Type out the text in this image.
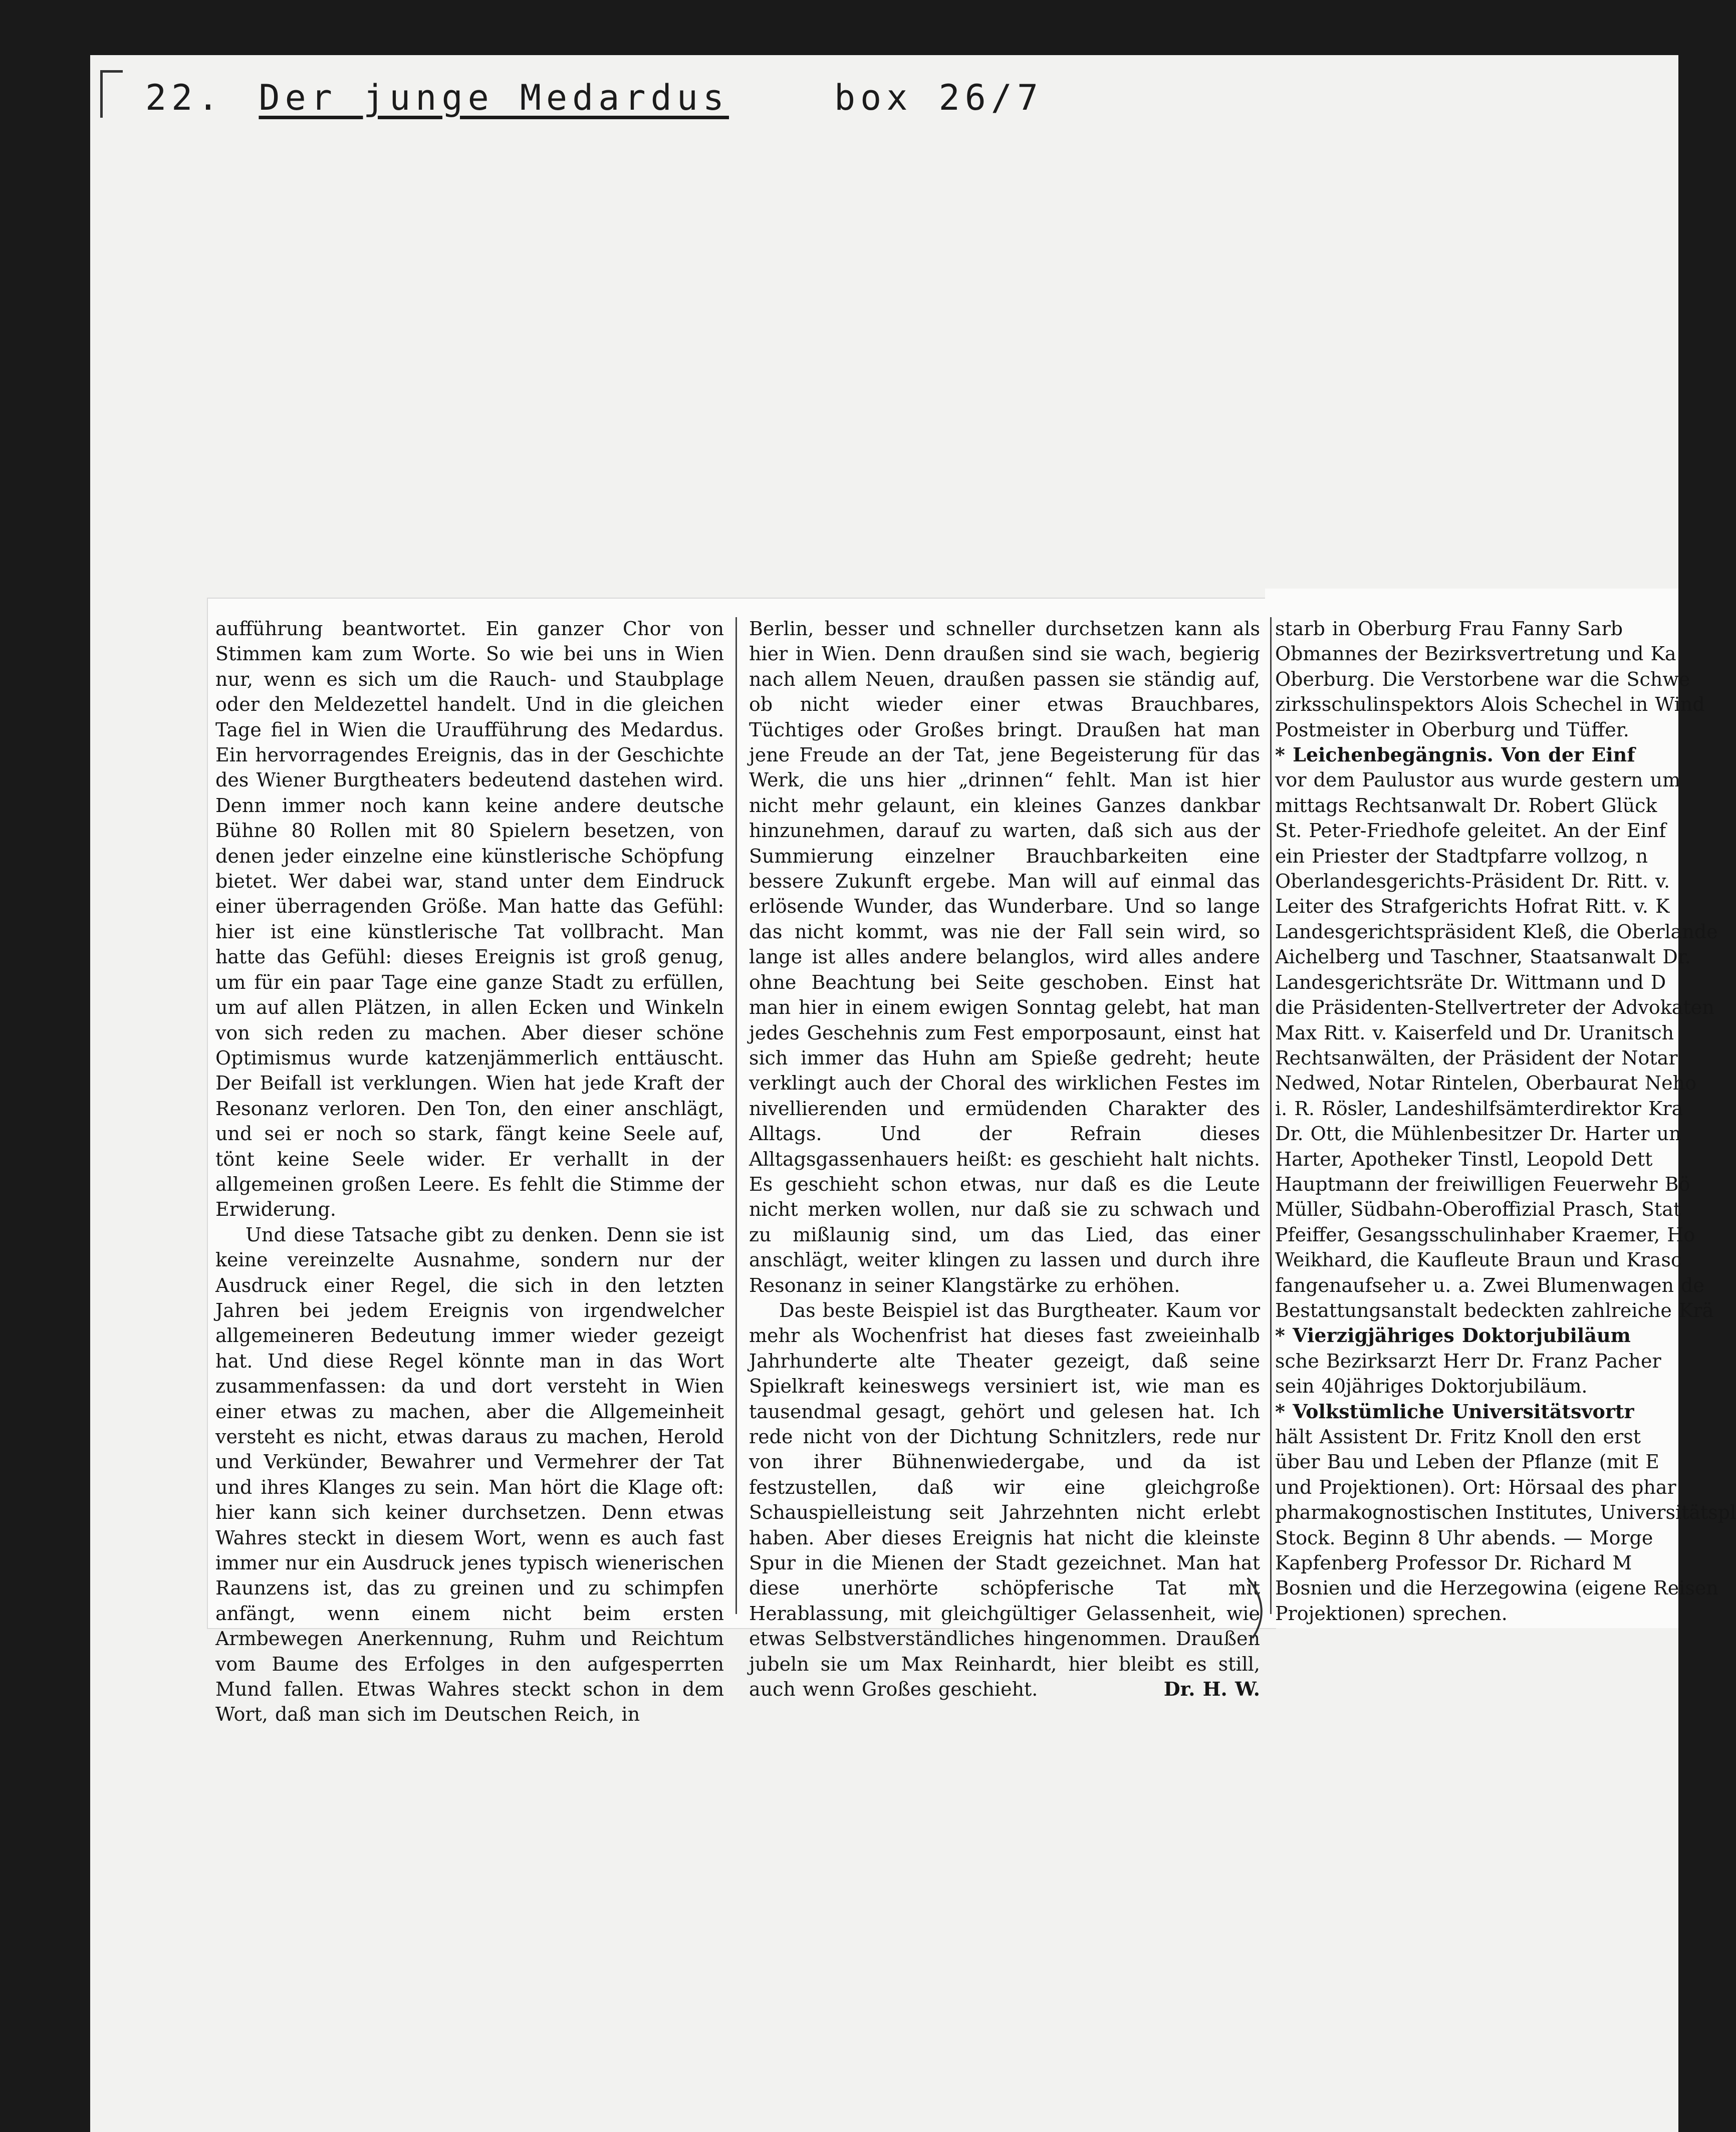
22. Der junge Medardus	box 26/7

aufführung beantwortet. Ein ganzer Chor von Stimmen kam zum Worte. So wie bei uns in Wien nur, wenn es sich um die Rauch- und Staubplage oder den Meldezettel handelt. Und in die gleichen Tage fiel in Wien die Uraufführung des Medardus. Ein hervorragendes Ereignis, das in der Geschichte des Wiener Burgtheaters bedeutend dastehen wird. Denn immer noch kann keine andere deutsche Bühne 80 Rollen mit 80 Spielern besetzen, von denen jeder einzelne eine künstlerische Schöpfung bietet. Wer dabei war, stand unter dem Eindruck einer überragenden Größe. Man hatte das Gefühl: hier ist eine künstlerische Tat vollbracht. Man hatte das Gefühl: dieses Ereignis ist groß genug, um für ein paar Tage eine ganze Stadt zu erfüllen, um auf allen Plätzen, in allen Ecken und Winkeln von sich reden zu machen. Aber dieser schöne Optimismus wurde katzenjämmerlich enttäuscht. Der Beifall ist verklungen. Wien hat jede Kraft der Resonanz verloren. Den Ton, den einer anschlägt, und sei er noch so stark, fängt keine Seele auf, tönt keine Seele wider. Er verhallt in der allgemeinen großen Leere. Es fehlt die Stimme der Erwiderung.

Und diese Tatsache gibt zu denken. Denn sie ist keine vereinzelte Ausnahme, sondern nur der Ausdruck einer Regel, die sich in den letzten Jahren bei jedem Ereignis von irgendwelcher allgemeineren Bedeutung immer wieder gezeigt hat. Und diese Regel könnte man in das Wort zusammenfassen: da und dort versteht in Wien einer etwas zu machen, aber die Allgemeinheit versteht es nicht, etwas daraus zu machen, Herold und Verkünder, Bewahrer und Vermehrer der Tat und ihres Klanges zu sein. Man hört die Klage oft: hier kann sich keiner durchsetzen. Denn etwas Wahres steckt in diesem Wort, wenn es auch fast immer nur ein Ausdruck jenes typisch wienerischen Raunzens ist, das zu greinen und zu schimpfen anfängt, wenn einem nicht beim ersten Armbewegen Anerkennung, Ruhm und Reichtum vom Baume des Erfolges in den aufgesperrten Mund fallen. Etwas Wahres steckt schon in dem Wort, daß man sich im Deutschen Reich, in

Berlin, besser und schneller durchsetzen kann als hier in Wien. Denn draußen sind sie wach, begierig nach allem Neuen, draußen passen sie ständig auf, ob nicht wieder einer etwas Brauchbares, Tüchtiges oder Großes bringt. Draußen hat man jene Freude an der Tat, jene Begeisterung für das Werk, die uns hier „drinnen“ fehlt. Man ist hier nicht mehr gelaunt, ein kleines Ganzes dankbar hinzunehmen, darauf zu warten, daß sich aus der Summierung einzelner Brauchbarkeiten eine bessere Zukunft ergebe. Man will auf einmal das erlösende Wunder, das Wunderbare. Und so lange das nicht kommt, was nie der Fall sein wird, so lange ist alles andere belanglos, wird alles andere ohne Beachtung bei Seite geschoben. Einst hat man hier in einem ewigen Sonntag gelebt, hat man jedes Geschehnis zum Fest emporposaunt, einst hat sich immer das Huhn am Spieße gedreht; heute verklingt auch der Choral des wirklichen Festes im nivellierenden und ermüdenden Charakter des Alltags. Und der Refrain dieses Alltagsgassenhauers heißt: es geschieht halt nichts. Es geschieht schon etwas, nur daß es die Leute nicht merken wollen, nur daß sie zu schwach und zu mißlaunig sind, um das Lied, das einer anschlägt, weiter klingen zu lassen und durch ihre Resonanz in seiner Klangstärke zu erhöhen.

Das beste Beispiel ist das Burgtheater. Kaum vor mehr als Wochenfrist hat dieses fast zweieinhalb Jahrhunderte alte Theater gezeigt, daß seine Spielkraft keineswegs versiniert ist, wie man es tausendmal gesagt, gehört und gelesen hat. Ich rede nicht von der Dichtung Schnitzlers, rede nur von ihrer Bühnenwiedergabe, und da ist festzustellen, daß wir eine gleichgroße Schauspielleistung seit Jahrzehnten nicht erlebt haben. Aber dieses Ereignis hat nicht die kleinste Spur in die Mienen der Stadt gezeichnet. Man hat diese unerhörte schöpferische Tat mit Herablassung, mit gleichgültiger Gelassenheit, wie etwas Selbstverständliches hingenommen. Draußen jubeln sie um Max Reinhardt, hier bleibt es still, auch wenn Großes geschieht.	Dr. H. W.
starb in Oberburg Frau Fanny Sarb
Obmannes der Bezirksvertretung und Ka
Oberburg. Die Verstorbene war die Schwe
zirksschulinspektors Alois Schechel in Wind
Postmeister in Oberburg und Tüffer.
* Leichenbegängnis. Von der Einf
vor dem Paulustor aus wurde gestern um
mittags Rechtsanwalt Dr. Robert Glück
St. Peter-Friedhofe geleitet. An der Einf
ein Priester der Stadtpfarre vollzog, n
Oberlandesgerichts-Präsident Dr. Ritt. v.
Leiter des Strafgerichts Hofrat Ritt. v. K
Landesgerichtspräsident Kleß, die Oberlande
Aichelberg und Taschner, Staatsanwalt Dr.
Landesgerichtsräte Dr. Wittmann und D
die Präsidenten-Stellvertreter der Advokaten
Max Ritt. v. Kaiserfeld und Dr. Uranitsch
Rechtsanwälten, der Präsident der Notar
Nedwed, Notar Rintelen, Oberbaurat Neho
i. R. Rösler, Landeshilfsämterdirektor Kra
Dr. Ott, die Mühlenbesitzer Dr. Harter un
Harter, Apotheker Tinstl, Leopold Dett
Hauptmann der freiwilligen Feuerwehr Bö
Müller, Südbahn-Oberoffizial Prasch, Stat
Pfeiffer, Gesangsschulinhaber Kraemer, Ho
Weikhard, die Kaufleute Braun und Krasc
fangenaufseher u. a. Zwei Blumenwagen de
Bestattungsanstalt bedeckten zahlreiche Krä
* Vierzigjähriges Doktorjubiläum
sche Bezirksarzt Herr Dr. Franz Pacher
sein 40jähriges Doktorjubiläum.
* Volkstümliche Universitätsvortr
hält Assistent Dr. Fritz Knoll den erst
über Bau und Leben der Pflanze (mit E
und Projektionen). Ort: Hörsaal des phar
pharmakognostischen Institutes, Universitätspl
Stock. Beginn 8 Uhr abends. — Morge
Kapfenberg Professor Dr. Richard M
Bosnien und die Herzegowina (eigene Reisen
Projektionen) sprechen.
